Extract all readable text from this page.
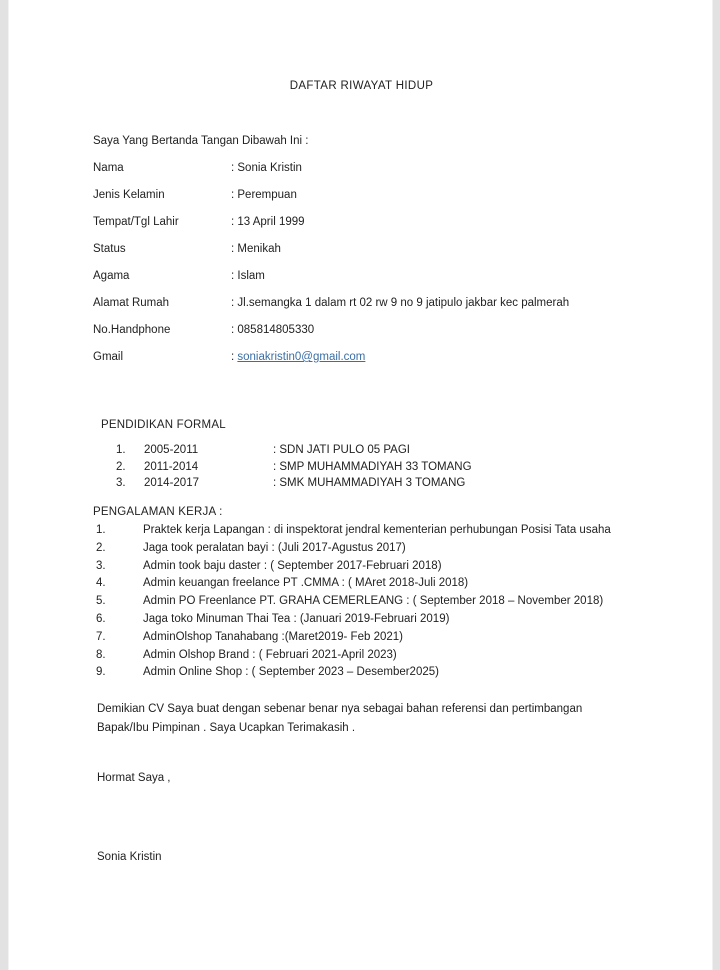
DAFTAR RIWAYAT HIDUP
Saya Yang Bertanda Tangan Dibawah Ini :
Nama	: Sonia Kristin
Jenis Kelamin	: Perempuan
Tempat/Tgl Lahir	: 13 April 1999
Status	: Menikah
Agama	: Islam
Alamat Rumah	: Jl.semangka 1 dalam rt 02 rw 9 no 9 jatipulo jakbar kec palmerah
No.Handphone	: 085814805330
Gmail	: soniakristin0@gmail.com
PENDIDIKAN FORMAL
1. 2005-2011	: SDN JATI PULO 05 PAGI
2. 2011-2014	: SMP MUHAMMADIYAH 33 TOMANG
3. 2014-2017	: SMK MUHAMMADIYAH 3 TOMANG
PENGALAMAN KERJA :
1.	Praktek kerja Lapangan : di inspektorat jendral kementerian perhubungan Posisi Tata usaha
2.	Jaga took peralatan bayi : (Juli 2017-Agustus 2017)
3.	Admin took baju daster : ( September 2017-Februari 2018)
4.	Admin keuangan freelance PT .CMMA : ( MAret 2018-Juli 2018)
5.	Admin PO Freenlance PT. GRAHA CEMERLEANG : ( September 2018 – November 2018)
6.	Jaga toko Minuman Thai Tea : (Januari 2019-Februari 2019)
7.	AdminOlshop Tanahabang :(Maret2019- Feb 2021)
8.	Admin Olshop Brand : ( Februari 2021-April 2023)
9.	Admin Online Shop : ( September 2023 – Desember2025)
Demikian CV Saya buat dengan sebenar benar nya sebagai bahan referensi dan pertimbangan Bapak/Ibu Pimpinan . Saya Ucapkan Terimakasih .
Hormat Saya ,
Sonia Kristin
